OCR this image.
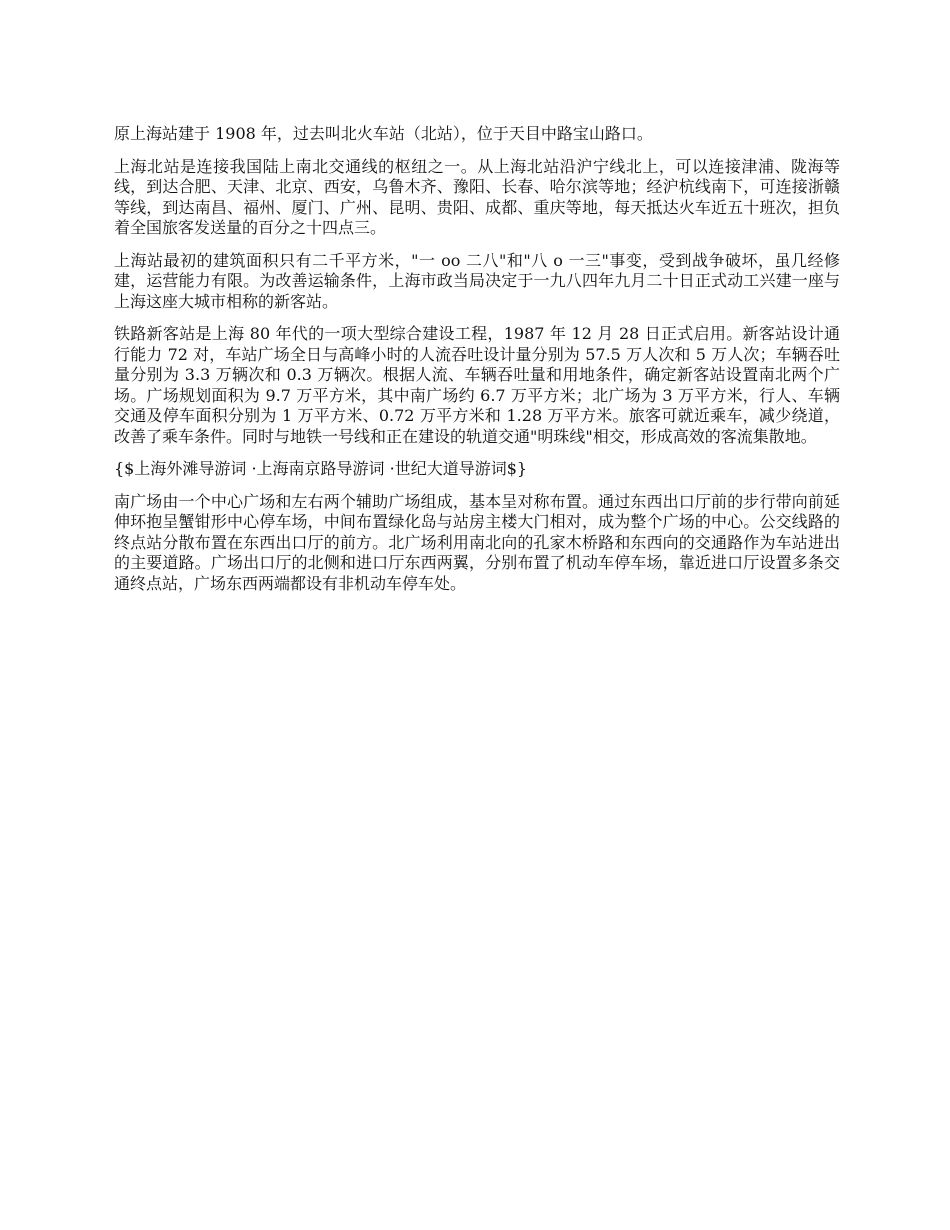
原上海站建于 1908 年，过去叫北火车站（北站），位于天目中路宝山路口。

上海北站是连接我国陆上南北交通线的枢纽之一。从上海北站沿沪宁线北上，可以连接津浦、陇海等线，到达合肥、天津、北京、西安，乌鲁木齐、豫阳、长春、哈尔滨等地；经沪杭线南下，可连接浙赣等线，到达南昌、福州、厦门、广州、昆明、贵阳、成都、重庆等地，每天抵达火车近五十班次，担负着全国旅客发送量的百分之十四点三。

上海站最初的建筑面积只有二千平方米，"一 oo 二八"和"八 o 一三"事变，受到战争破坏，虽几经修建，运营能力有限。为改善运输条件，上海市政当局决定于一九八四年九月二十日正式动工兴建一座与上海这座大城市相称的新客站。

铁路新客站是上海 80 年代的一项大型综合建设工程，1987 年 12 月 28 日正式启用。新客站设计通行能力 72 对，车站广场全日与高峰小时的人流吞吐设计量分别为 57.5 万人次和 5 万人次；车辆吞吐量分别为 3.3 万辆次和 0.3 万辆次。根据人流、车辆吞吐量和用地条件，确定新客站设置南北两个广场。广场规划面积为 9.7 万平方米，其中南广场约 6.7 万平方米；北广场为 3 万平方米，行人、车辆交通及停车面积分别为 1 万平方米、0.72 万平方米和 1.28 万平方米。旅客可就近乘车，减少绕道，改善了乘车条件。同时与地铁一号线和正在建设的轨道交通"明珠线"相交，形成高效的客流集散地。

{$上海外滩导游词 ·上海南京路导游词 ·世纪大道导游词$}

南广场由一个中心广场和左右两个辅助广场组成，基本呈对称布置。通过东西出口厅前的步行带向前延伸环抱呈蟹钳形中心停车场，中间布置绿化岛与站房主楼大门相对，成为整个广场的中心。公交线路的终点站分散布置在东西出口厅的前方。北广场利用南北向的孔家木桥路和东西向的交通路作为车站进出的主要道路。广场出口厅的北侧和进口厅东西两翼，分别布置了机动车停车场，靠近进口厅设置多条交通终点站，广场东西两端都设有非机动车停车处。
